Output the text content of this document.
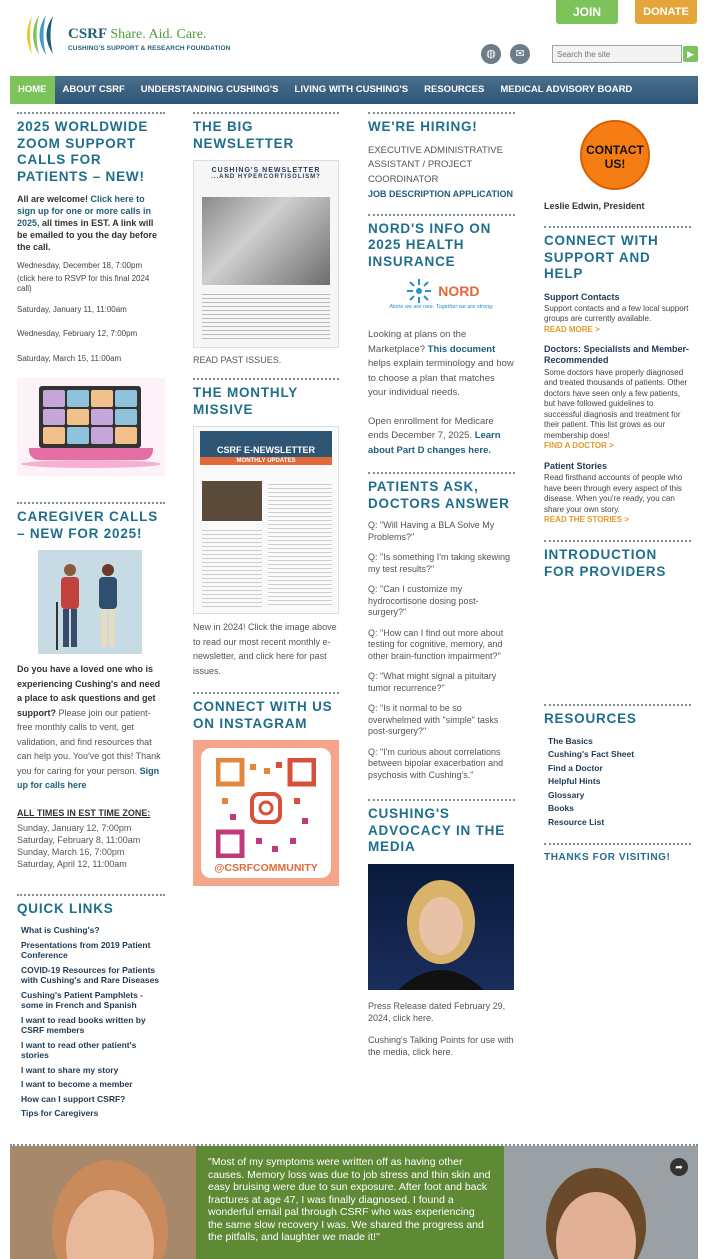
CSRF Share. Aid. Care.
CUSHING'S SUPPORT & RESEARCH FOUNDATION
JOIN	DONATE
◍	✉
Search the site	▶
HOME	ABOUT CSRF	UNDERSTANDING CUSHING'S	LIVING WITH CUSHING'S	RESOURCES	MEDICAL ADVISORY BOARD
2025 WORLDWIDE ZOOM SUPPORT CALLS FOR PATIENTS – NEW!
All are welcome! Click here to sign up for one or more calls in 2025, all times in EST. A link will be emailed to you the day before the call.
Wednesday, December 18, 7:00pm
(click here to RSVP for this final 2024 call)
Saturday, January 11, 11:00am
Wednesday, February 12, 7:00pm
Saturday, March 15, 11:00am
CAREGIVER CALLS – NEW FOR 2025!
Do you have a loved one who is experiencing Cushing's and need a place to ask questions and get support? Please join our patient-free monthly calls to vent, get validation, and find resources that can help you. You've got this! Thank you for caring for your person. Sign up for calls here
ALL TIMES IN EST TIME ZONE:
Sunday, January 12, 7:00pm
Saturday, February 8, 11:00am
Sunday, March 16, 7:00pm
Saturday, April 12, 11:00am
QUICK LINKS
What is Cushing's?
Presentations from 2019 Patient Conference
COVID-19 Resources for Patients with Cushing's and Rare Diseases
Cushing's Patient Pamphlets - some in French and Spanish
I want to read books written by CSRF members
I want to read other patient's stories
I want to share my story
I want to become a member
How can I support CSRF?
Tips for Caregivers
THE BIG NEWSLETTER
CUSHING'S NEWSLETTER
...AND HYPERCORTISOLISM?
READ PAST ISSUES.
THE MONTHLY MISSIVE
CSRF E-NEWSLETTER
MONTHLY UPDATES
New in 2024! Click the image above to read our most recent monthly e-newsletter, and click here for past issues.
CONNECT WITH US ON INSTAGRAM
@CSRFCOMMUNITY
WE'RE HIRING!
EXECUTIVE ADMINISTRATIVE ASSISTANT / PROJECT COORDINATOR
JOB DESCRIPTION APPLICATION
NORD'S INFO ON 2025 HEALTH INSURANCE
NORD
Alone we are rare. Together we are strong.
Looking at plans on the Marketplace? This document helps explain terminology and how to choose a plan that matches your individual needs.
Open enrollment for Medicare ends December 7, 2025. Learn about Part D changes here.
PATIENTS ASK, DOCTORS ANSWER
Q: "Will Having a BLA Solve My Problems?"
Q: "Is something I'm taking skewing my test results?"
Q: "Can I customize my hydrocortisone dosing post-surgery?"
Q: "How can I find out more about testing for cognitive, memory, and other brain-function impairment?"
Q: "What might signal a pituitary tumor recurrence?"
Q: "Is it normal to be so overwhelmed with "simple" tasks post-surgery?"
Q: "I'm curious about correlations between bipolar exacerbation and psychosis with Cushing's."
CUSHING'S ADVOCACY IN THE MEDIA
Press Release dated February 29, 2024, click here.
Cushing's Talking Points for use with the media, click here.
CONTACT US!
Leslie Edwin, President
CONNECT WITH SUPPORT AND HELP
Support Contacts
Support contacts and a few local support groups are currently available.
READ MORE >
Doctors: Specialists and Member-Recommended
Some doctors have properly diagnosed and treated thousands of patients. Other doctors have seen only a few patients, but have followed guidelines to successful diagnosis and treatment for their patient. This list grows as our membership does!
FIND A DOCTOR >
Patient Stories
Read firsthand accounts of people who have been through every aspect of this disease. When you're ready, you can share your own story.
READ THE STORIES >
INTRODUCTION FOR PROVIDERS
RESOURCES
The Basics
Cushing's Fact Sheet
Find a Doctor
Helpful Hints
Glossary
Books
Resource List
THANKS FOR VISITING!
"Most of my symptoms were written off as having other causes. Memory loss was due to job stress and thin skin and easy bruising were due to sun exposure. After foot and back fractures at age 47, I was finally diagnosed. I found a wonderful email pal through CSRF who was experiencing the same slow recovery I was. We shared the progress and the pitfalls, and laughter we made it!"
➦
